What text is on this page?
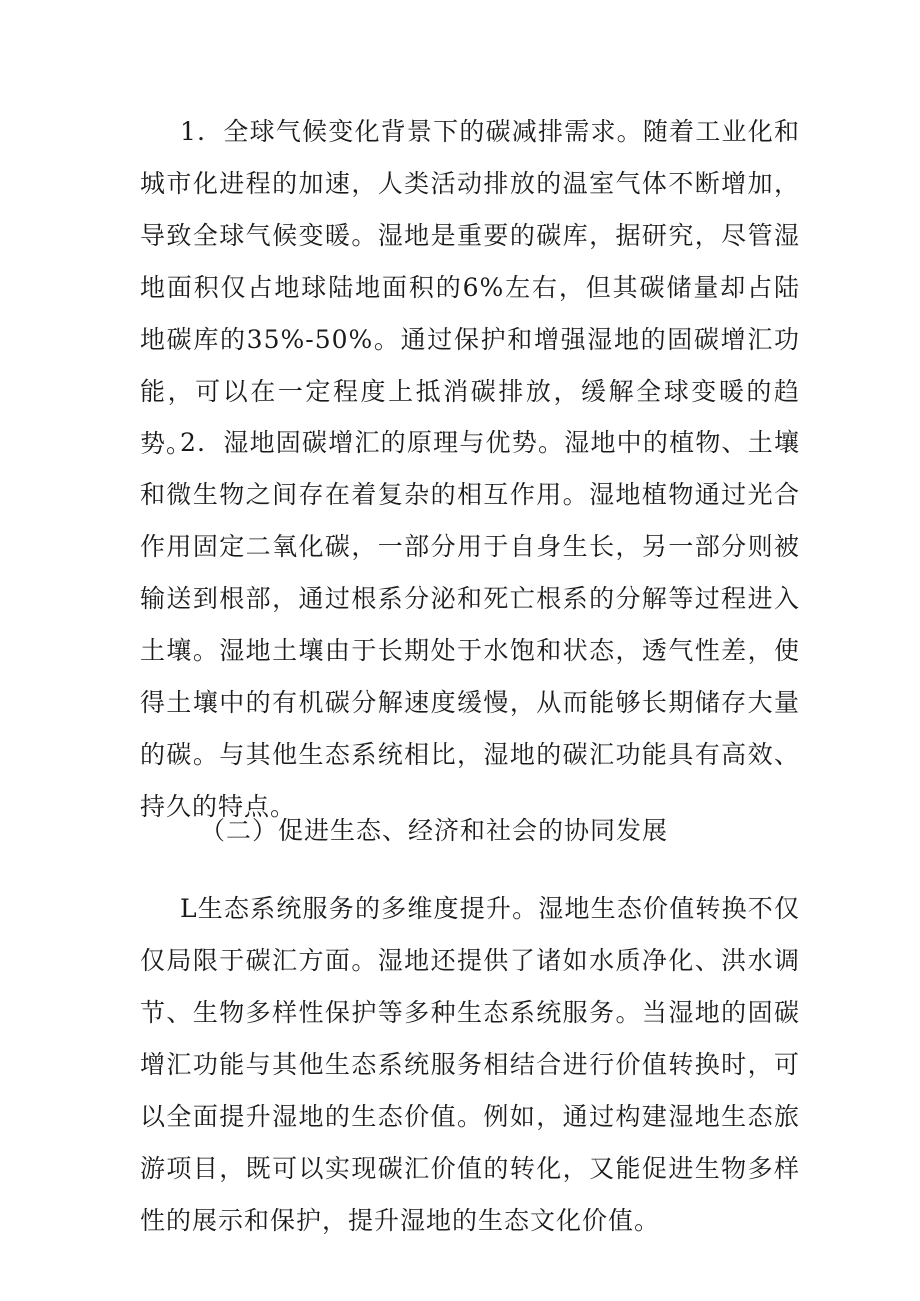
1．全球气候变化背景下的碳减排需求。随着工业化和城市化进程的加速，人类活动排放的温室气体不断增加，导致全球气候变暖。湿地是重要的碳库，据研究，尽管湿地面积仅占地球陆地面积的6%左右，但其碳储量却占陆地碳库的35%-50%。通过保护和增强湿地的固碳增汇功能，可以在一定程度上抵消碳排放，缓解全球变暖的趋势。

2．湿地固碳增汇的原理与优势。湿地中的植物、土壤和微生物之间存在着复杂的相互作用。湿地植物通过光合作用固定二氧化碳，一部分用于自身生长，另一部分则被输送到根部，通过根系分泌和死亡根系的分解等过程进入土壤。湿地土壤由于长期处于水饱和状态，透气性差，使得土壤中的有机碳分解速度缓慢，从而能够长期储存大量的碳。与其他生态系统相比，湿地的碳汇功能具有高效、持久的特点。

（二）促进生态、经济和社会的协同发展

L生态系统服务的多维度提升。湿地生态价值转换不仅仅局限于碳汇方面。湿地还提供了诸如水质净化、洪水调节、生物多样性保护等多种生态系统服务。当湿地的固碳增汇功能与其他生态系统服务相结合进行价值转换时，可以全面提升湿地的生态价值。例如，通过构建湿地生态旅游项目，既可以实现碳汇价值的转化，又能促进生物多样性的展示和保护，提升湿地的生态文化价值。
